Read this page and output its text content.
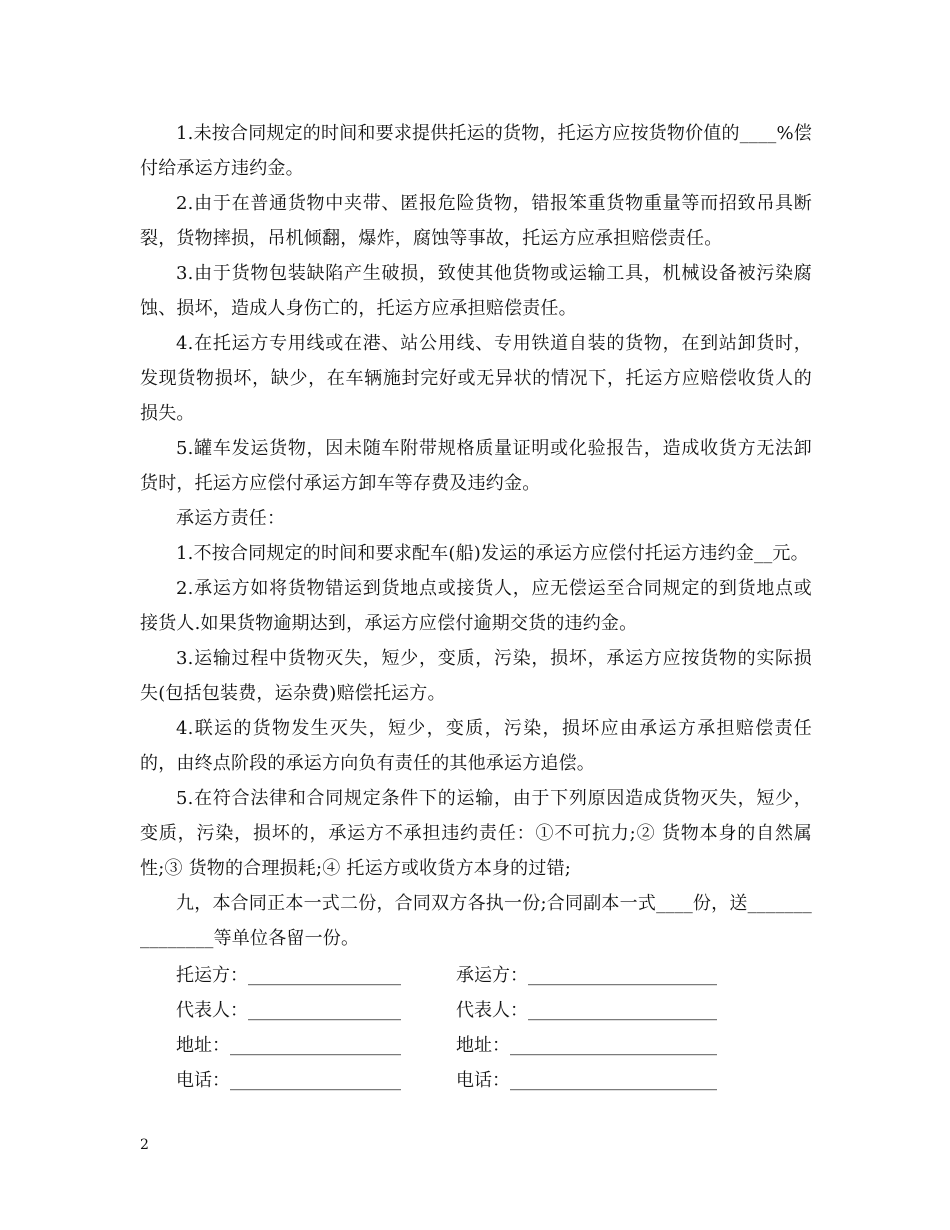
1.未按合同规定的时间和要求提供托运的货物，托运方应按货物价值的____%偿付给承运方违约金。

2.由于在普通货物中夹带、匿报危险货物，错报笨重货物重量等而招致吊具断裂，货物摔损，吊机倾翻，爆炸，腐蚀等事故，托运方应承担赔偿责任。

3.由于货物包装缺陷产生破损，致使其他货物或运输工具，机械设备被污染腐蚀、损坏，造成人身伤亡的，托运方应承担赔偿责任。

4.在托运方专用线或在港、站公用线、专用铁道自装的货物，在到站卸货时，发现货物损坏，缺少，在车辆施封完好或无异状的情况下，托运方应赔偿收货人的损失。

5.罐车发运货物，因未随车附带规格质量证明或化验报告，造成收货方无法卸货时，托运方应偿付承运方卸车等存费及违约金。

承运方责任：

1.不按合同规定的时间和要求配车(船)发运的承运方应偿付托运方违约金__元。

2.承运方如将货物错运到货地点或接货人，应无偿运至合同规定的到货地点或接货人.如果货物逾期达到，承运方应偿付逾期交货的违约金。

3.运输过程中货物灭失，短少，变质，污染，损坏，承运方应按货物的实际损失(包括包装费，运杂费)赔偿托运方。

4.联运的货物发生灭失，短少，变质，污染，损坏应由承运方承担赔偿责任的，由终点阶段的承运方向负有责任的其他承运方追偿。

5.在符合法律和合同规定条件下的运输，由于下列原因造成货物灭失，短少，变质，污染，损坏的，承运方不承担违约责任：①不可抗力;② 货物本身的自然属性;③ 货物的合理损耗;④ 托运方或收货方本身的过错;

九，本合同正本一式二份，合同双方各执一份;合同副本一式____份，送_______________等单位各留一份。

托运方：_________________	承运方：_____________________
代表人：_________________	代表人：_____________________
地址：___________________	地址：_______________________
电话：___________________	电话：_______________________
2
